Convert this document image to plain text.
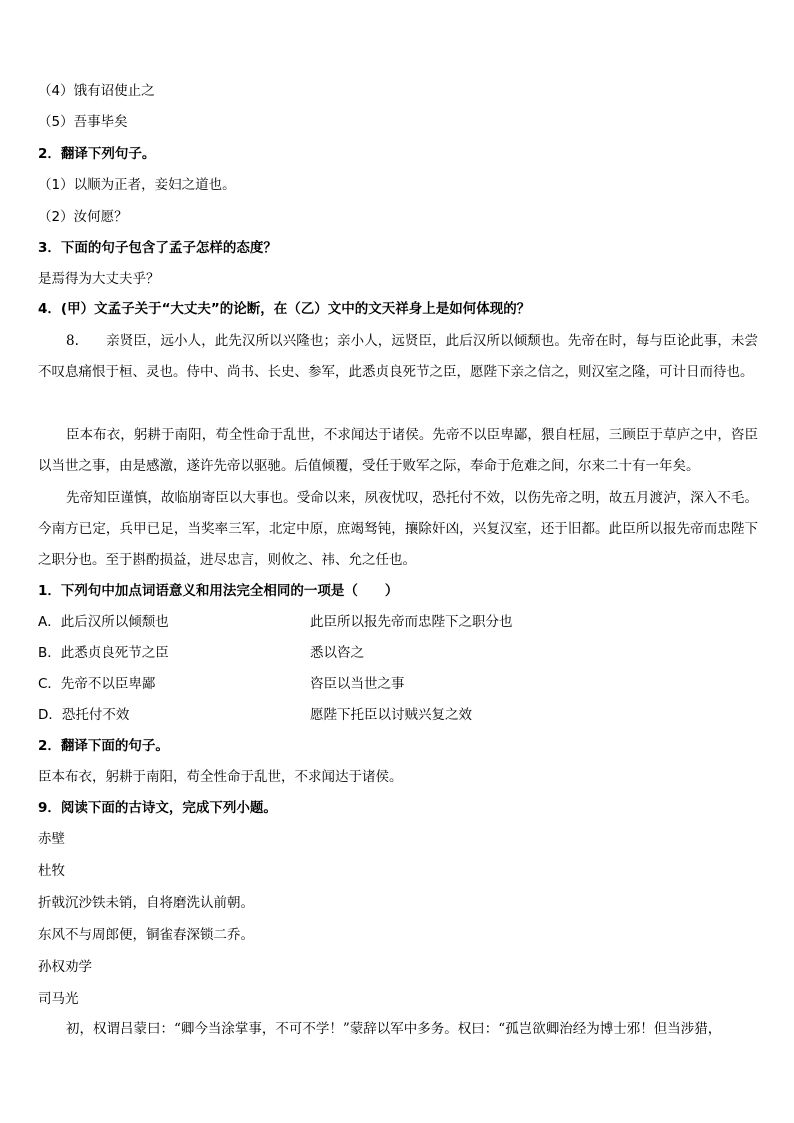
（4）饿有诏使止之
（5）吾事毕矣
2．翻译下列句子。
（1）以顺为正者，妾妇之道也。
（2）汝何愿？
3．下面的句子包含了孟子怎样的态度？
是焉得为大丈夫乎？
4．(甲）文孟子关于“大丈夫”的论断，在（乙）文中的文天祥身上是如何体现的？
8.　　亲贤臣，远小人，此先汉所以兴隆也；亲小人，远贤臣，此后汉所以倾颓也。先帝在时，每与臣论此事，未尝不叹息痛恨于桓、灵也。侍中、尚书、长史、参军，此悉贞良死节之臣，愿陛下亲之信之，则汉室之隆，可计日而待也。
臣本布衣，躬耕于南阳，苟全性命于乱世，不求闻达于诸侯。先帝不以臣卑鄙，猥自枉屈，三顾臣于草庐之中，咨臣以当世之事，由是感激，遂许先帝以驱驰。后值倾覆，受任于败军之际，奉命于危难之间，尔来二十有一年矣。
先帝知臣谨慎，故临崩寄臣以大事也。受命以来，夙夜忧叹，恐托付不效，以伤先帝之明，故五月渡泸，深入不毛。今南方已定，兵甲已足，当奖率三军，北定中原，庶竭驽钝，攘除奸凶，兴复汉室，还于旧都。此臣所以报先帝而忠陛下之职分也。至于斟酌损益，进尽忠言，则攸之、祎、允之任也。
1．下列句中加点词语意义和用法完全相同的一项是（　　）
A．此后汉所以倾颓也	此臣所以报先帝而忠陛下之职分也
B．此悉贞良死节之臣	悉以咨之
C．先帝不以臣卑鄙	咨臣以当世之事
D．恐托付不效	愿陛下托臣以讨贼兴复之效
2．翻译下面的句子。
臣本布衣，躬耕于南阳，苟全性命于乱世，不求闻达于诸侯。
9．阅读下面的古诗文，完成下列小题。
赤壁
杜牧
折戟沉沙铁未销，自将磨洗认前朝。
东风不与周郎便，铜雀春深锁二乔。
孙权劝学
司马光
初，权谓吕蒙曰：“卿今当涂掌事，不可不学！”蒙辞以军中多务。权曰：“孤岂欲卿治经为博士邪！但当涉猎，
